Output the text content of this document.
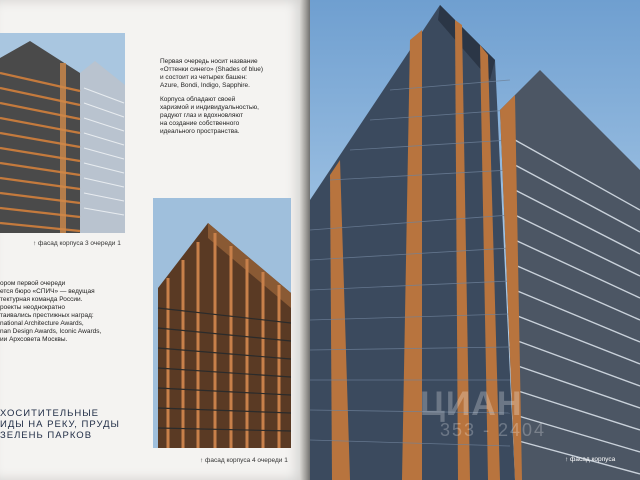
Первая очередь носит название
«Оттенки синего» (Shades of blue)
и состоит из четырех башен:
Azure, Bondi, Indigo, Sapphire.

Корпуса обладают своей
харизмой и индивидуальностью,
радуют глаз и вдохновляют
на создание собственного
идеального пространства.

↑ фасад корпуса 3 очереди 1
ором первой очереди
ется бюро «СПИЧ» — ведущая
тектурная команда России.
роекты неоднократно
таивались престижных наград:
national Architecture Awards,
nan Design Awards, Iconic Awards,
ии Архсовета Москвы.
ХОСИТИТЕЛЬНЫЕ
ИДЫ НА РЕКУ, ПРУДЫ
ЗЕЛЕНЬ ПАРКОВ
↑ фасад корпуса 4 очереди 1
ЦИАН
353 - 2404
↑ фасад корпуса
